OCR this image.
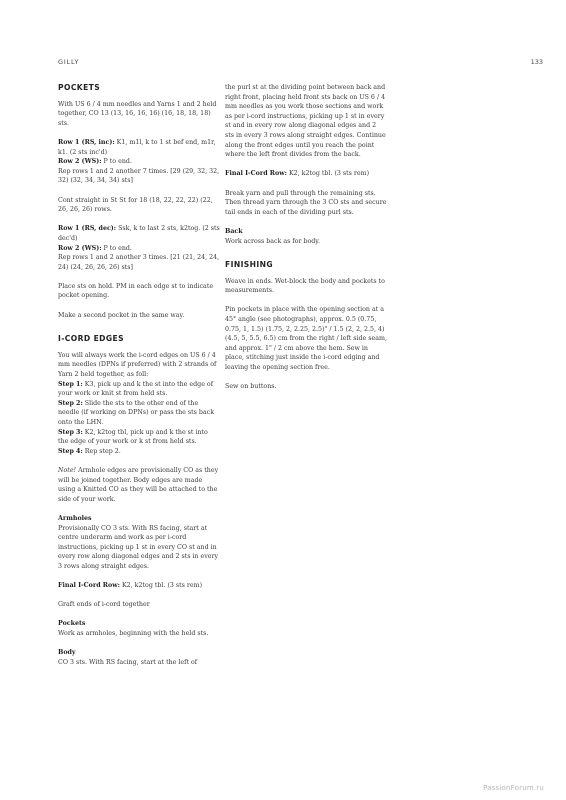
GILLY	133
POCKETS
With US 6 / 4 mm needles and Yarns 1 and 2 held together, CO 13 (13, 16, 16, 16) (16, 18, 18, 18) sts.
Row 1 (RS, inc): K1, m1l, k to 1 st bef end, m1r, k1. (2 sts inc'd)
Row 2 (WS): P to end.
Rep rows 1 and 2 another 7 times. [29 (29, 32, 32, 32) (32, 34, 34, 34) sts]
Cont straight in St St for 18 (18, 22, 22, 22) (22, 26, 26, 26) rows.
Row 1 (RS, dec): Ssk, k to last 2 sts, k2tog. (2 sts dec'd)
Row 2 (WS): P to end.
Rep rows 1 and 2 another 3 times. [21 (21, 24, 24, 24) (24, 26, 26, 26) sts]
Place sts on hold. PM in each edge st to indicate pocket opening.
Make a second pocket in the same way.
I-CORD EDGES
You will always work the i-cord edges on US 6 / 4 mm needles (DPNs if preferred) with 2 strands of Yarn 2 held together, as foll:
Step 1: K3, pick up and k the st into the edge of your work or knit st from held sts.
Step 2: Slide the sts to the other end of the needle (if working on DPNs) or pass the sts back onto the LHN.
Step 3: K2, k2tog tbl, pick up and k the st into the edge of your work or k st from held sts.
Step 4: Rep step 2.
Note! Armhole edges are provisionally CO as they will be joined together. Body edges are made using a Knitted CO as they will be attached to the side of your work.
Armholes
Provisionally CO 3 sts. With RS facing, start at centre underarm and work as per i-cord instructions, picking up 1 st in every CO st and in every row along diagonal edges and 2 sts in every 3 rows along straight edges.
Final I-Cord Row: K2, k2tog tbl. (3 sts rem)
Graft ends of i-cord together
Pockets
Work as armholes, beginning with the held sts.
Body
CO 3 sts. With RS facing, start at the left of
the purl st at the dividing point between back and right front, placing held front sts back on US 6 / 4 mm needles as you work those sections and work as per i-cord instructions, picking up 1 st in every st and in every row along diagonal edges and 2 sts in every 3 rows along straight edges. Continue along the front edges until you reach the point where the left front divides from the back.
Final I-Cord Row: K2, k2tog tbl. (3 sts rem)
Break yarn and pull through the remaining sts. Then thread yarn through the 3 CO sts and secure tail ends in each of the dividing purl sts.
Back
Work across back as for body.
FINISHING
Weave in ends. Wet-block the body and pockets to measurements.
Pin pockets in place with the opening section at a 45° angle (see photographs), approx. 0.5 (0.75, 0.75, 1, 1.5) (1.75, 2, 2.25, 2.5)" / 1.5 (2, 2, 2.5, 4) (4.5, 5, 5.5, 6.5) cm from the right / left side seam, and approx. 1" / 2 cm above the hem. Sew in place, stitching just inside the i-cord edging and leaving the opening section free.
Sew on buttons.
PassionForum.ru
